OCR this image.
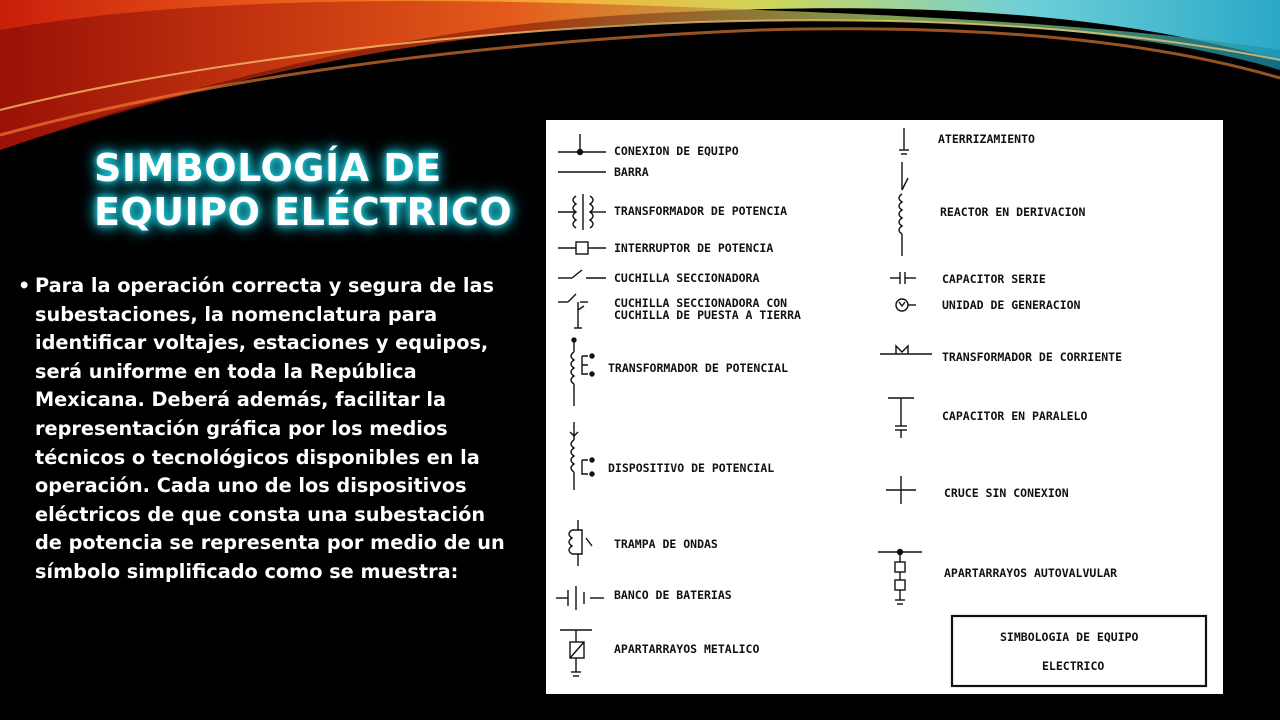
SIMBOLOGÍA DE
EQUIPO ELÉCTRICO
• Para la operación correcta y segura de las subestaciones, la nomenclatura para identificar voltajes, estaciones y equipos, será uniforme en toda la República Mexicana. Deberá además, facilitar la representación gráfica por los medios técnicos o tecnológicos disponibles en la operación. Cada uno de los dispositivos eléctricos de que consta una subestación de potencia se representa por medio de un símbolo simplificado como se muestra:
CONEXION DE EQUIPO
BARRA
TRANSFORMADOR DE POTENCIA
INTERRUPTOR DE POTENCIA
CUCHILLA SECCIONADORA
CUCHILLA SECCIONADORA CON
CUCHILLA DE PUESTA A TIERRA
TRANSFORMADOR DE POTENCIAL
DISPOSITIVO DE POTENCIAL
TRAMPA DE ONDAS
BANCO DE BATERIAS
APARTARRAYOS METALICO
ATERRIZAMIENTO
REACTOR EN DERIVACION
CAPACITOR SERIE
UNIDAD DE GENERACION
TRANSFORMADOR DE CORRIENTE
CAPACITOR EN PARALELO
CRUCE SIN CONEXION
APARTARRAYOS AUTOVALVULAR
SIMBOLOGIA DE EQUIPO
ELECTRICO
